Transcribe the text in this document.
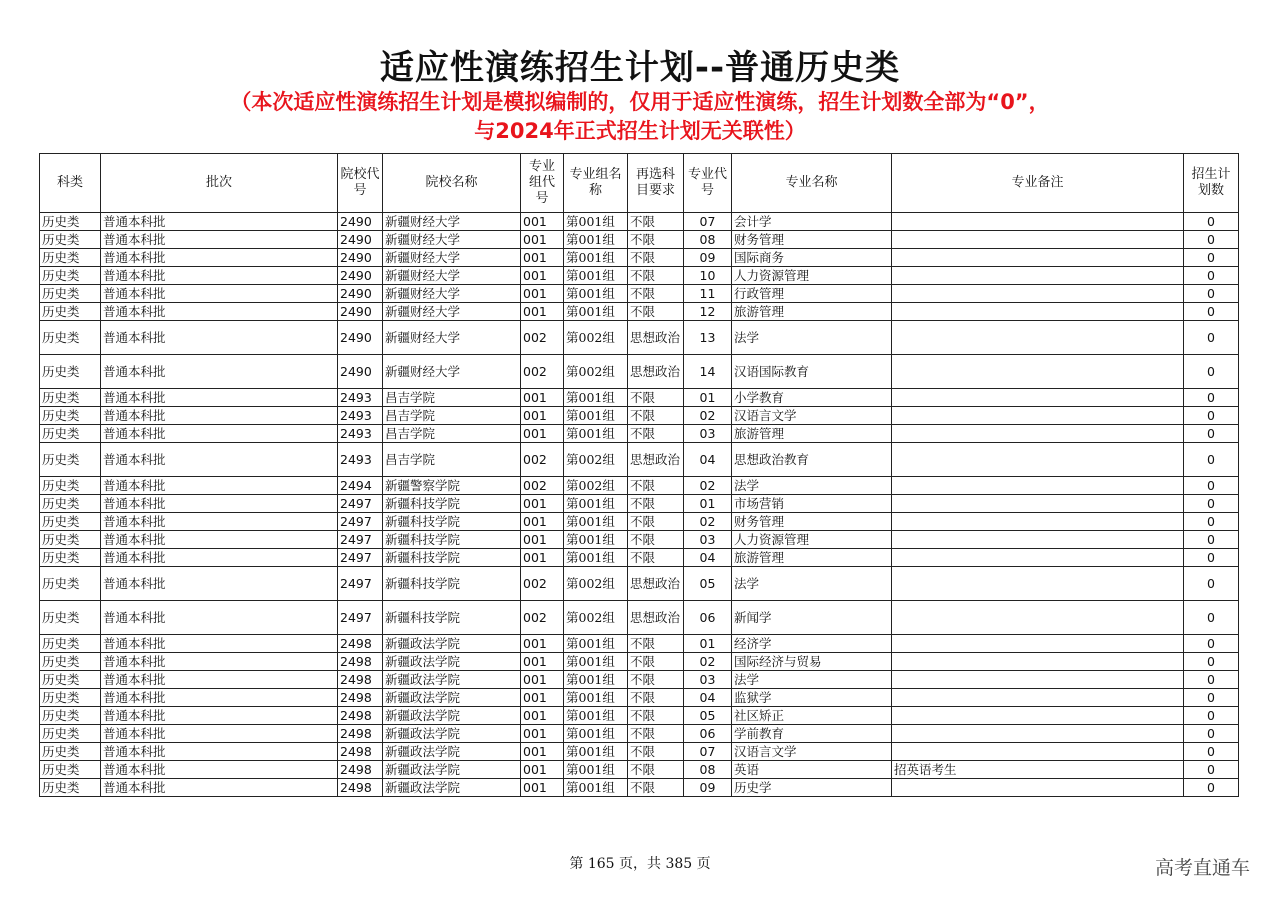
适应性演练招生计划--普通历史类
（本次适应性演练招生计划是模拟编制的，仅用于适应性演练，招生计划数全部为“0”，
与2024年正式招生计划无关联性）
科类	批次	院校代号	院校名称	专业组代号	专业组名称	再选科目要求	专业代号	专业名称	专业备注	招生计划数
历史类	普通本科批	2490	新疆财经大学	001	第001组	不限	07	会计学		0
历史类	普通本科批	2490	新疆财经大学	001	第001组	不限	08	财务管理		0
历史类	普通本科批	2490	新疆财经大学	001	第001组	不限	09	国际商务		0
历史类	普通本科批	2490	新疆财经大学	001	第001组	不限	10	人力资源管理		0
历史类	普通本科批	2490	新疆财经大学	001	第001组	不限	11	行政管理		0
历史类	普通本科批	2490	新疆财经大学	001	第001组	不限	12	旅游管理		0
历史类	普通本科批	2490	新疆财经大学	002	第002组	思想政治	13	法学		0
历史类	普通本科批	2490	新疆财经大学	002	第002组	思想政治	14	汉语国际教育		0
历史类	普通本科批	2493	昌吉学院	001	第001组	不限	01	小学教育		0
历史类	普通本科批	2493	昌吉学院	001	第001组	不限	02	汉语言文学		0
历史类	普通本科批	2493	昌吉学院	001	第001组	不限	03	旅游管理		0
历史类	普通本科批	2493	昌吉学院	002	第002组	思想政治	04	思想政治教育		0
历史类	普通本科批	2494	新疆警察学院	002	第002组	不限	02	法学		0
历史类	普通本科批	2497	新疆科技学院	001	第001组	不限	01	市场营销		0
历史类	普通本科批	2497	新疆科技学院	001	第001组	不限	02	财务管理		0
历史类	普通本科批	2497	新疆科技学院	001	第001组	不限	03	人力资源管理		0
历史类	普通本科批	2497	新疆科技学院	001	第001组	不限	04	旅游管理		0
历史类	普通本科批	2497	新疆科技学院	002	第002组	思想政治	05	法学		0
历史类	普通本科批	2497	新疆科技学院	002	第002组	思想政治	06	新闻学		0
历史类	普通本科批	2498	新疆政法学院	001	第001组	不限	01	经济学		0
历史类	普通本科批	2498	新疆政法学院	001	第001组	不限	02	国际经济与贸易		0
历史类	普通本科批	2498	新疆政法学院	001	第001组	不限	03	法学		0
历史类	普通本科批	2498	新疆政法学院	001	第001组	不限	04	监狱学		0
历史类	普通本科批	2498	新疆政法学院	001	第001组	不限	05	社区矫正		0
历史类	普通本科批	2498	新疆政法学院	001	第001组	不限	06	学前教育		0
历史类	普通本科批	2498	新疆政法学院	001	第001组	不限	07	汉语言文学		0
历史类	普通本科批	2498	新疆政法学院	001	第001组	不限	08	英语	招英语考生	0
历史类	普通本科批	2498	新疆政法学院	001	第001组	不限	09	历史学		0
第 165 页，共 385 页	高考直通车
